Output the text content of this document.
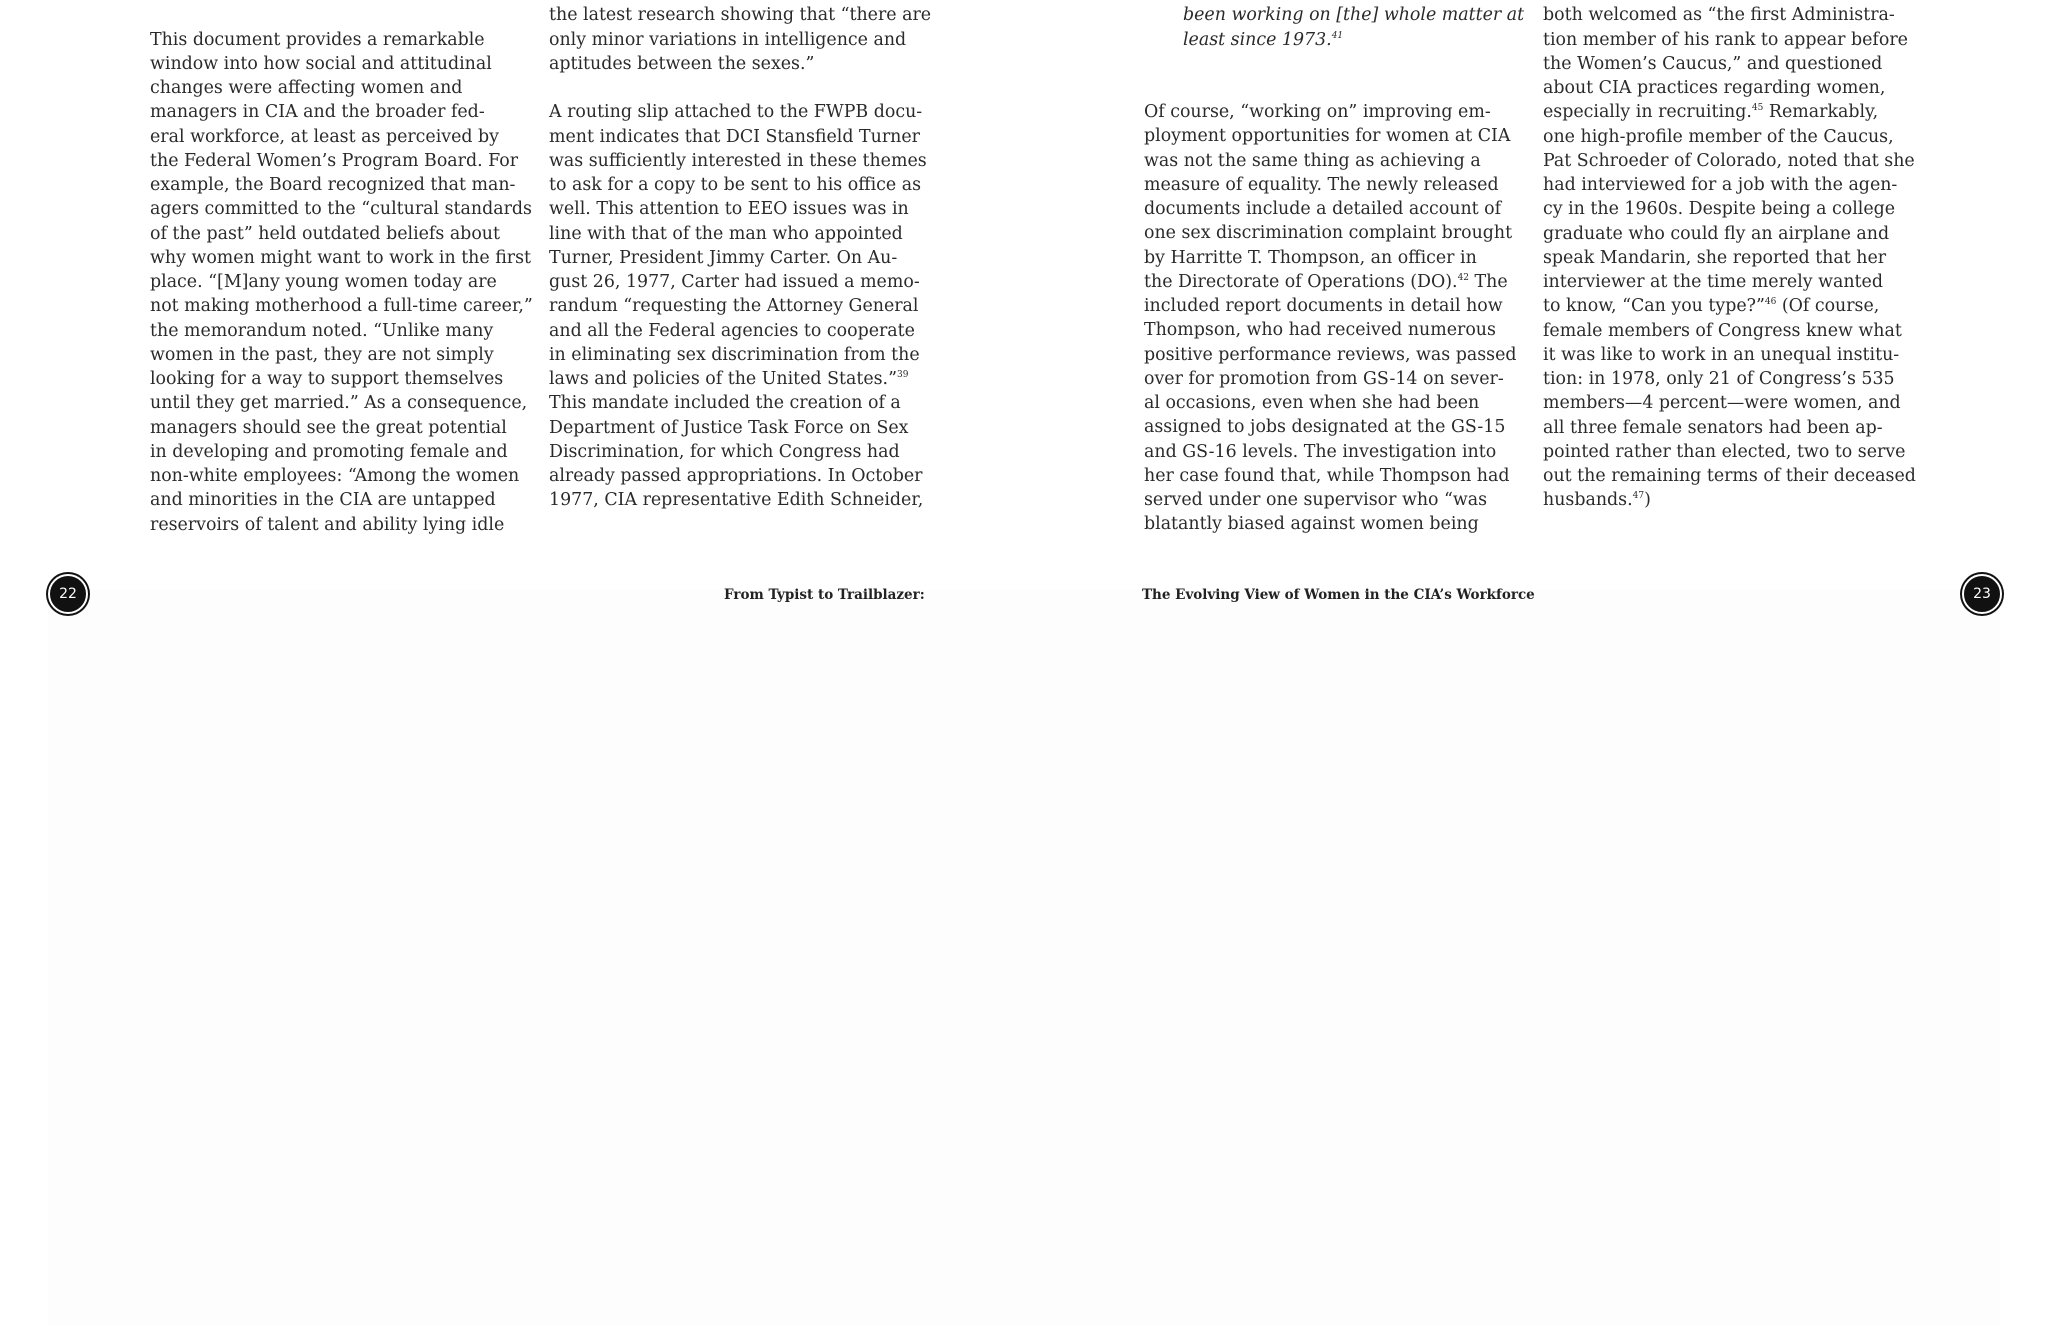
This document provides a remarkable
window into how social and attitudinal
changes were affecting women and
managers in CIA and the broader fed-
eral workforce, at least as perceived by
the Federal Women’s Program Board. For
example, the Board recognized that man-
agers committed to the “cultural standards
of the past” held outdated beliefs about
why women might want to work in the first
place. “[M]any young women today are
not making motherhood a full-time career,”
the memorandum noted. “Unlike many
women in the past, they are not simply
looking for a way to support themselves
until they get married.” As a consequence,
managers should see the great potential
in developing and promoting female and
non-white employees: “Among the women
and minorities in the CIA are untapped
reservoirs of talent and ability lying idle
the latest research showing that “there are
only minor variations in intelligence and
aptitudes between the sexes.”
A routing slip attached to the FWPB docu-
ment indicates that DCI Stansfield Turner
was sufficiently interested in these themes
to ask for a copy to be sent to his office as
well. This attention to EEO issues was in
line with that of the man who appointed
Turner, President Jimmy Carter. On Au-
gust 26, 1977, Carter had issued a memo-
randum “requesting the Attorney General
and all the Federal agencies to cooperate
in eliminating sex discrimination from the
laws and policies of the United States.”$^{39}$
This mandate included the creation of a
Department of Justice Task Force on Sex
Discrimination, for which Congress had
already passed appropriations. In October
1977, CIA representative Edith Schneider,
22	From Typist to Trailblazer:
been working on [the] whole matter at
least since 1973.41
Of course, “working on” improving em-
ployment opportunities for women at CIA
was not the same thing as achieving a
measure of equality. The newly released
documents include a detailed account of
one sex discrimination complaint brought
by Harritte T. Thompson, an officer in
the Directorate of Operations (DO).$^{42}$ The
included report documents in detail how
Thompson, who had received numerous
positive performance reviews, was passed
over for promotion from GS-14 on sever-
al occasions, even when she had been
assigned to jobs designated at the GS-15
and GS-16 levels. The investigation into
her case found that, while Thompson had
served under one supervisor who “was
blatantly biased against women being
both welcomed as “the first Administra-
tion member of his rank to appear before
the Women’s Caucus,” and questioned
about CIA practices regarding women,
especially in recruiting.$^{45}$ Remarkably,
one high-profile member of the Caucus,
Pat Schroeder of Colorado, noted that she
had interviewed for a job with the agen-
cy in the 1960s. Despite being a college
graduate who could fly an airplane and
speak Mandarin, she reported that her
interviewer at the time merely wanted
to know, “Can you type?”$^{46}$ (Of course,
female members of Congress knew what
it was like to work in an unequal institu-
tion: in 1978, only 21 of Congress’s 535
members—4 percent—were women, and
all three female senators had been ap-
pointed rather than elected, two to serve
out the remaining terms of their deceased
husbands.$^{47}$)
The Evolving View of Women in the CIA’s Workforce	23
